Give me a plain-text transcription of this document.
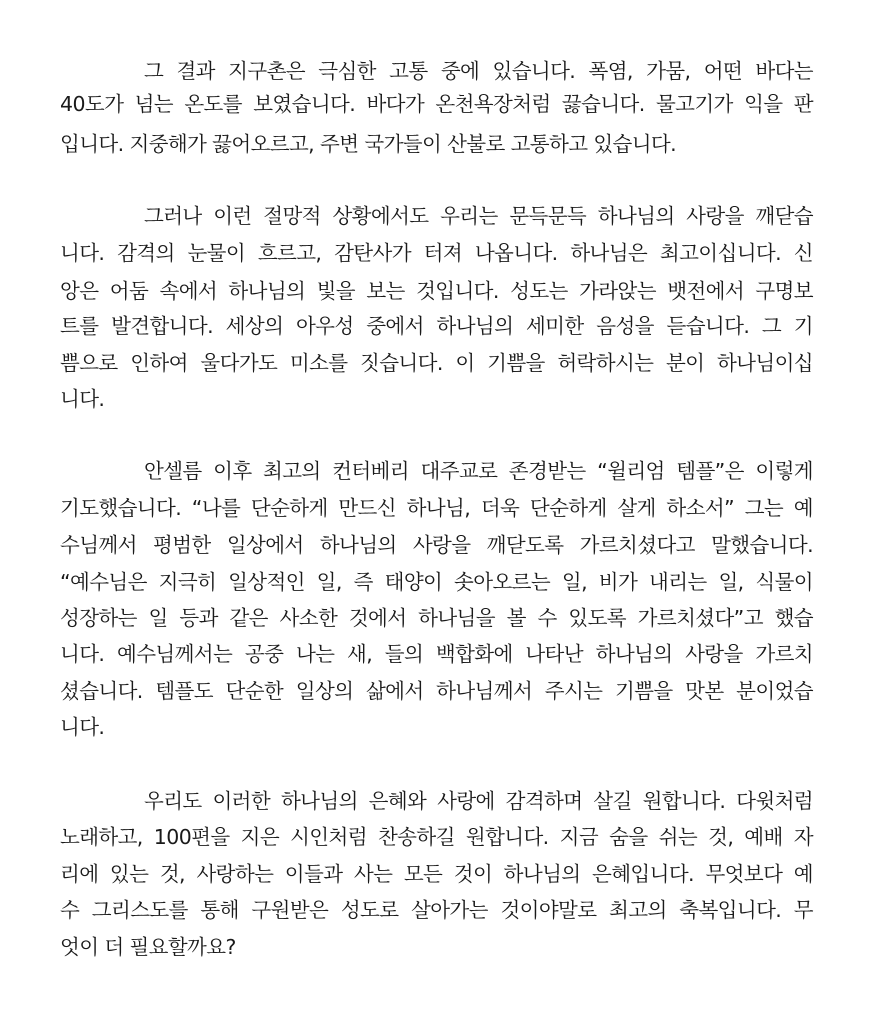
그 결과 지구촌은 극심한 고통 중에 있습니다. 폭염, 가뭄, 어떤 바다는
40도가 넘는 온도를 보였습니다. 바다가 온천욕장처럼 끓습니다. 물고기가 익을 판
입니다. 지중해가 끓어오르고, 주변 국가들이 산불로 고통하고 있습니다.
그러나 이런 절망적 상황에서도 우리는 문득문득 하나님의 사랑을 깨닫습
니다. 감격의 눈물이 흐르고, 감탄사가 터져 나옵니다. 하나님은 최고이십니다. 신
앙은 어둠 속에서 하나님의 빛을 보는 것입니다. 성도는 가라앉는 뱃전에서 구명보
트를 발견합니다. 세상의 아우성 중에서 하나님의 세미한 음성을 듣습니다. 그 기
쁨으로 인하여 울다가도 미소를 짓습니다. 이 기쁨을 허락하시는 분이 하나님이십
니다.
안셀름 이후 최고의 컨터베리 대주교로 존경받는 “윌리엄 템플”은 이렇게
기도했습니다. “나를 단순하게 만드신 하나님, 더욱 단순하게 살게 하소서” 그는 예
수님께서 평범한 일상에서 하나님의 사랑을 깨닫도록 가르치셨다고 말했습니다.
“예수님은 지극히 일상적인 일, 즉 태양이 솟아오르는 일, 비가 내리는 일, 식물이
성장하는 일 등과 같은 사소한 것에서 하나님을 볼 수 있도록 가르치셨다”고 했습
니다. 예수님께서는 공중 나는 새, 들의 백합화에 나타난 하나님의 사랑을 가르치
셨습니다. 템플도 단순한 일상의 삶에서 하나님께서 주시는 기쁨을 맛본 분이었습
니다.
우리도 이러한 하나님의 은혜와 사랑에 감격하며 살길 원합니다. 다윗처럼
노래하고, 100편을 지은 시인처럼 찬송하길 원합니다. 지금 숨을 쉬는 것, 예배 자
리에 있는 것, 사랑하는 이들과 사는 모든 것이 하나님의 은혜입니다. 무엇보다 예
수 그리스도를 통해 구원받은 성도로 살아가는 것이야말로 최고의 축복입니다. 무
엇이 더 필요할까요?
